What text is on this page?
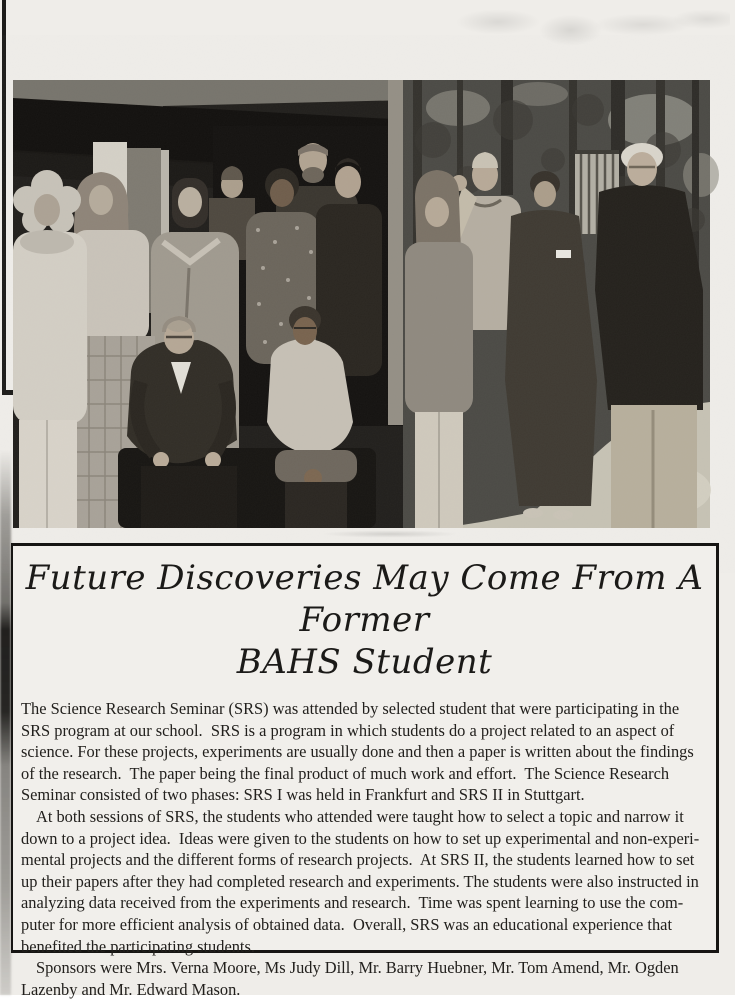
Future Discoveries May Come From A Former
BAHS Student
The Science Research Seminar (SRS) was attended by selected student that were participating in the
SRS program at our school.  SRS is a program in which students do a project related to an aspect of
science. For these projects, experiments are usually done and then a paper is written about the findings
of the research.  The paper being the final product of much work and effort.  The Science Research
Seminar consisted of two phases: SRS I was held in Frankfurt and SRS II in Stuttgart.
At both sessions of SRS, the students who attended were taught how to select a topic and narrow it
down to a project idea.  Ideas were given to the students on how to set up experimental and non-experi-
mental projects and the different forms of research projects.  At SRS II, the students learned how to set
up their papers after they had completed research and experiments. The students were also instructed in
analyzing data received from the experiments and research.  Time was spent learning to use the com-
puter for more efficient analysis of obtained data.  Overall, SRS was an educational experience that
benefited the participating students.
Sponsors were Mrs. Verna Moore, Ms Judy Dill, Mr. Barry Huebner, Mr. Tom Amend, Mr. Ogden
Lazenby and Mr. Edward Mason.
